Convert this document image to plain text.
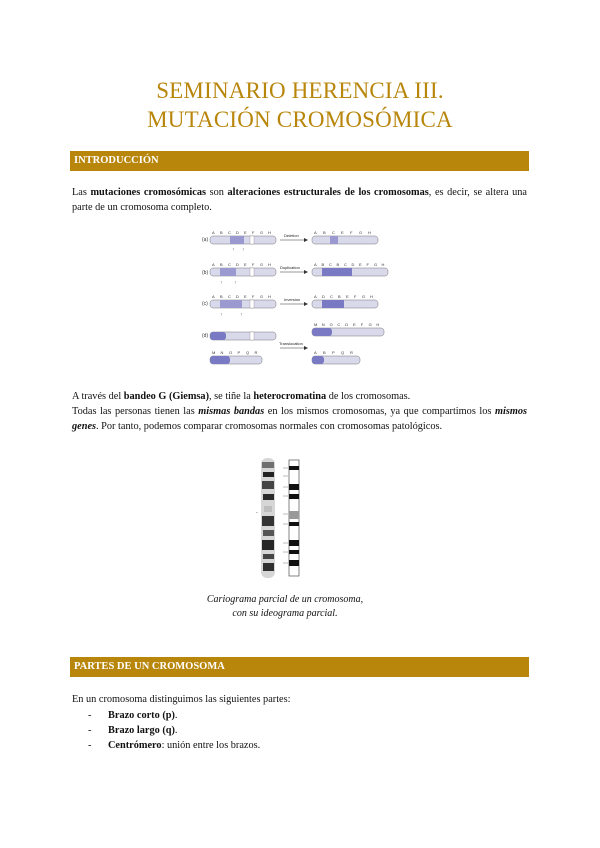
SEMINARIO HERENCIA III.
MUTACIÓN CROMOSÓMICA
INTRODUCCIÓN
Las mutaciones cromosómicas son alteraciones estructurales de los cromosomas, es decir, se altera una parte de un cromosoma completo.
(a)
(b)
(c)
(d)
A B C D E F G H
Deletion
A B C E F G H
↑ ↑
A B C D E F G H
Duplication
A B C B C D E F G H
↑ ↑
A B C D E F G H
Inversion
A D C B E F G H
↑	↑
M N O C D E F G H
Translocation
M N O P Q R	A B P Q R
A través del bandeo G (Giemsa), se tiñe la heterocromatina de los cromosomas.
Todas las personas tienen las mismas bandas en los mismos cromosomas, ya que compartimos los mismos genes. Por tanto, podemos comparar cromosomas normales con cromosomas patológicos.
-
Cariograma parcial de un cromosoma,
con su ideograma parcial.
PARTES DE UN CROMOSOMA
En un cromosoma distinguimos las siguientes partes:
- Brazo corto (p).
- Brazo largo (q).
- Centrómero: unión entre los brazos.
